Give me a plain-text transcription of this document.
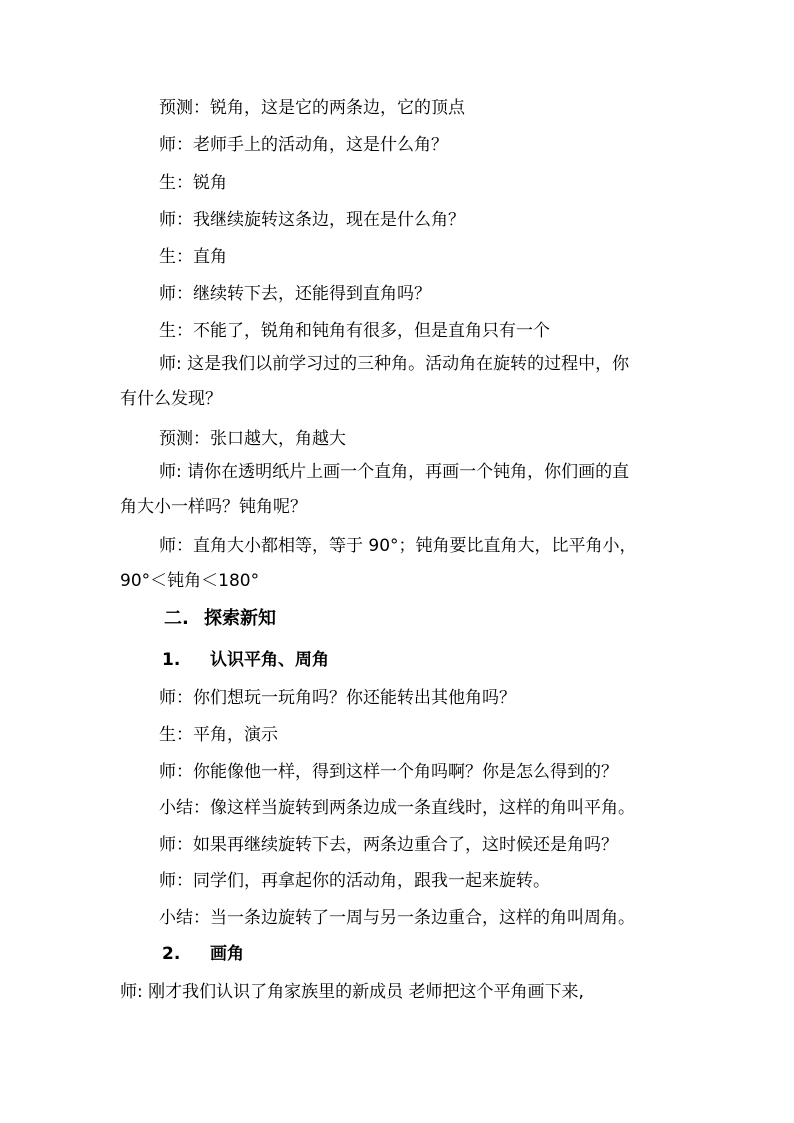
预测：锐角，这是它的两条边，它的顶点
师：老师手上的活动角，这是什么角？
生：锐角
师：我继续旋转这条边，现在是什么角？
生：直角
师：继续转下去，还能得到直角吗？
生：不能了，锐角和钝角有很多，但是直角只有一个
师: 这是我们以前学习过的三种角。活动角在旋转的过程中，你
有什么发现？
预测：张口越大，角越大
师: 请你在透明纸片上画一个直角，再画一个钝角，你们画的直
角大小一样吗？钝角呢？
师：直角大小都相等，等于 90°；钝角要比直角大，比平角小，
90°＜钝角＜180°
二. 探索新知
1. 认识平角、周角
师：你们想玩一玩角吗？你还能转出其他角吗？
生：平角，演示
师：你能像他一样，得到这样一个角吗啊？你是怎么得到的？
小结：像这样当旋转到两条边成一条直线时，这样的角叫平角。
师：如果再继续旋转下去，两条边重合了，这时候还是角吗？
师：同学们，再拿起你的活动角，跟我一起来旋转。
小结：当一条边旋转了一周与另一条边重合，这样的角叫周角。
2. 画角
师: 刚才我们认识了角家族里的新成员 老师把这个平角画下来,
